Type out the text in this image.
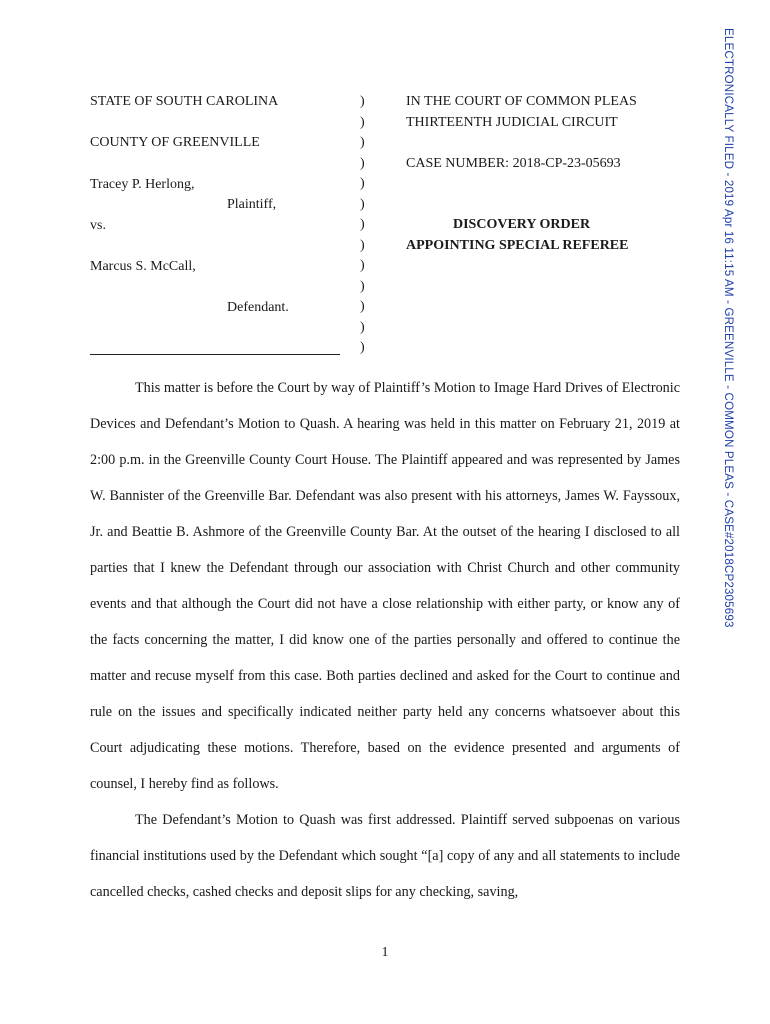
ELECTRONICALLY FILED - 2019 Apr 16 11:15 AM - GREENVILLE - COMMON PLEAS - CASE#2018CP2305693
STATE OF SOUTH CAROLINA
COUNTY OF GREENVILLE
Tracey P. Herlong,
Plaintiff,
vs.
Marcus S. McCall,
Defendant.
)
)
)
)
)
)
)
)
)
)
)
)
)
IN THE COURT OF COMMON PLEAS
THIRTEENTH JUDICIAL CIRCUIT
CASE NUMBER: 2018-CP-23-05693
DISCOVERY ORDER
APPOINTING SPECIAL REFEREE

This matter is before the Court by way of Plaintiff’s Motion to Image Hard Drives of Electronic Devices and Defendant’s Motion to Quash. A hearing was held in this matter on February 21, 2019 at 2:00 p.m. in the Greenville County Court House. The Plaintiff appeared and was represented by James W. Bannister of the Greenville Bar. Defendant was also present with his attorneys, James W. Fayssoux, Jr. and Beattie B. Ashmore of the Greenville County Bar. At the outset of the hearing I disclosed to all parties that I knew the Defendant through our association with Christ Church and other community events and that although the Court did not have a close relationship with either party, or know any of the facts concerning the matter, I did know one of the parties personally and offered to continue the matter and recuse myself from this case. Both parties declined and asked for the Court to continue and rule on the issues and specifically indicated neither party held any concerns whatsoever about this Court adjudicating these motions. Therefore, based on the evidence presented and arguments of counsel, I hereby find as follows.

The Defendant’s Motion to Quash was first addressed. Plaintiff served subpoenas on various financial institutions used by the Defendant which sought “[a] copy of any and all statements to include cancelled checks, cashed checks and deposit slips for any checking, saving,

1
